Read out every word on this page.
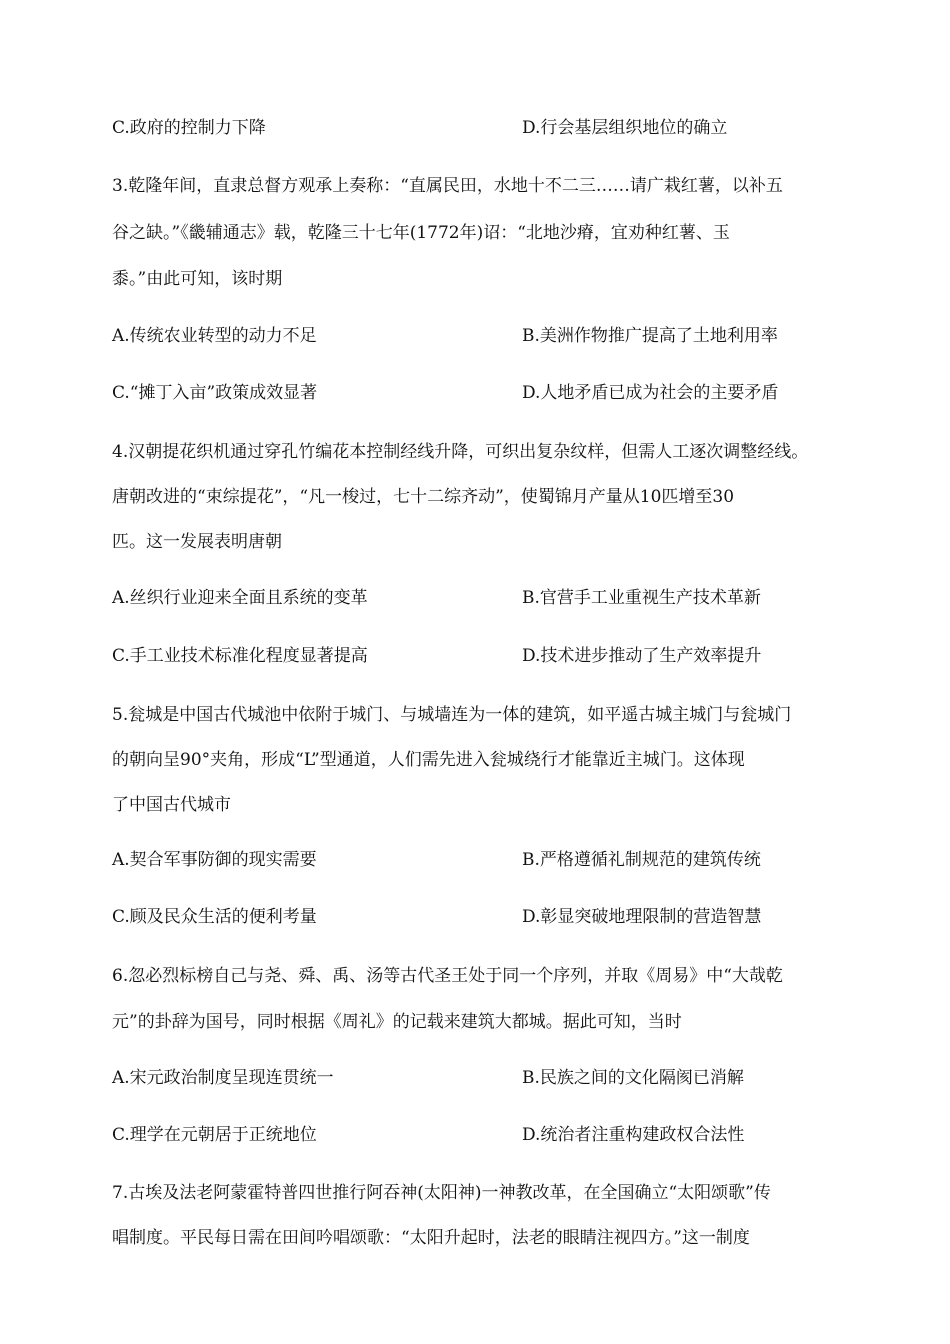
C.政府的控制力下降	D.行会基层组织地位的确立
3.乾隆年间，直隶总督方观承上奏称：“直属民田，水地十不二三……请广栽红薯，以补五
谷之缺。”《畿辅通志》载，乾隆三十七年(1772年)诏：“北地沙瘠，宜劝种红薯、玉
黍。”由此可知，该时期
A.传统农业转型的动力不足	B.美洲作物推广提高了土地利用率
C.“摊丁入亩”政策成效显著	D.人地矛盾已成为社会的主要矛盾
4.汉朝提花织机通过穿孔竹编花本控制经线升降，可织出复杂纹样，但需人工逐次调整经线。
唐朝改进的“束综提花”，“凡一梭过，七十二综齐动”，使蜀锦月产量从10匹增至30
匹。这一发展表明唐朝
A.丝织行业迎来全面且系统的变革	B.官营手工业重视生产技术革新
C.手工业技术标准化程度显著提高	D.技术进步推动了生产效率提升
5.瓮城是中国古代城池中依附于城门、与城墙连为一体的建筑，如平遥古城主城门与瓮城门
的朝向呈90°夹角，形成“L”型通道，人们需先进入瓮城绕行才能靠近主城门。这体现
了中国古代城市
A.契合军事防御的现实需要	B.严格遵循礼制规范的建筑传统
C.顾及民众生活的便利考量	D.彰显突破地理限制的营造智慧
6.忽必烈标榜自己与尧、舜、禹、汤等古代圣王处于同一个序列，并取《周易》中“大哉乾
元”的卦辞为国号，同时根据《周礼》的记载来建筑大都城。据此可知，当时
A.宋元政治制度呈现连贯统一	B.民族之间的文化隔阂已消解
C.理学在元朝居于正统地位	D.统治者注重构建政权合法性
7.古埃及法老阿蒙霍特普四世推行阿吞神(太阳神)一神教改革，在全国确立“太阳颂歌”传
唱制度。平民每日需在田间吟唱颂歌：“太阳升起时，法老的眼睛注视四方。”这一制度
